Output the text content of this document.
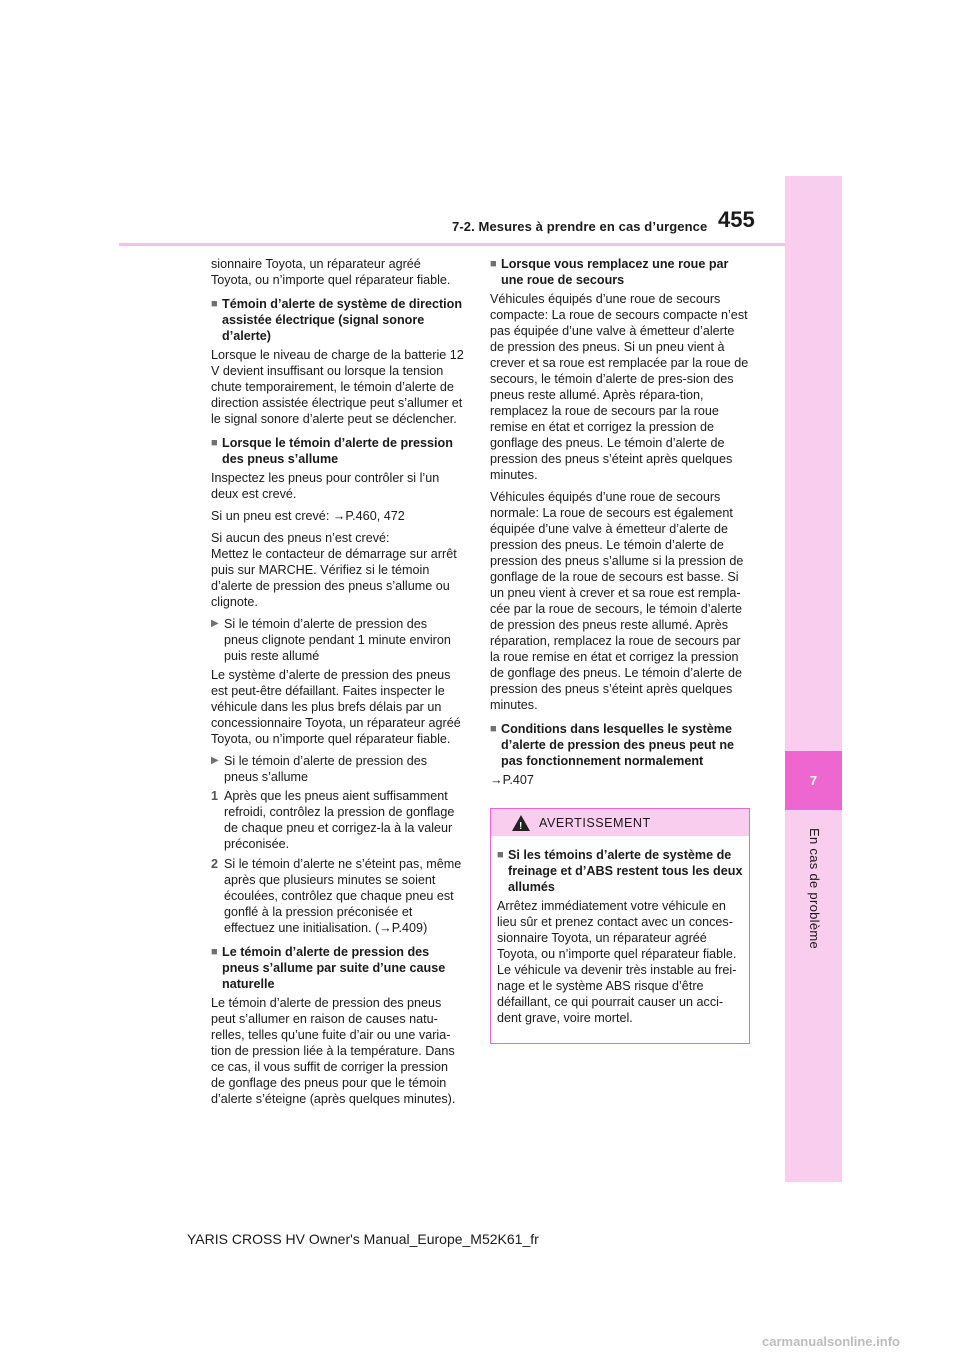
7-2. Mesures à prendre en cas d’urgence 455
7
En cas de problème

sionnaire Toyota, un réparateur agréé Toyota, ou n’importe quel réparateur fiable.

■ Témoin d’alerte de système de direction assistée électrique (signal sonore d’alerte)

Lorsque le niveau de charge de la batterie 12 V devient insuffisant ou lorsque la tension chute temporairement, le témoin d’alerte de direction assistée électrique peut s’allumer et le signal sonore d’alerte peut se déclencher.

■ Lorsque le témoin d’alerte de pression des pneus s’allume

Inspectez les pneus pour contrôler si l’un deux est crevé.

Si un pneu est crevé: →P.460, 472

Si aucun des pneus n’est crevé:

Mettez le contacteur de démarrage sur arrêt puis sur MARCHE. Vérifiez si le témoin d’alerte de pression des pneus s’allume ou clignote.

▶ Si le témoin d’alerte de pression des pneus clignote pendant 1 minute environ puis reste allumé

Le système d’alerte de pression des pneus est peut-être défaillant. Faites inspecter le véhicule dans les plus brefs délais par un concessionnaire Toyota, un réparateur agréé Toyota, ou n’importe quel réparateur fiable.

▶ Si le témoin d’alerte de pression des pneus s’allume
1 Après que les pneus aient suffisamment refroidi, contrôlez la pression de gonflage de chaque pneu et corrigez-la à la valeur préconisée.
2 Si le témoin d’alerte ne s’éteint pas, même après que plusieurs minutes se soient écoulées, contrôlez que chaque pneu est gonflé à la pression préconisée et effectuez une initialisation. (→P.409)
■ Le témoin d’alerte de pression des pneus s’allume par suite d’une cause naturelle

Le témoin d’alerte de pression des pneus peut s’allumer en raison de causes natu-relles, telles qu’une fuite d’air ou une varia-tion de pression liée à la température. Dans ce cas, il vous suffit de corriger la pression de gonflage des pneus pour que le témoin d’alerte s’éteigne (après quelques minutes).

■ Lorsque vous remplacez une roue par une roue de secours

Véhicules équipés d’une roue de secours compacte: La roue de secours compacte n’est pas équipée d’une valve à émetteur d’alerte de pression des pneus. Si un pneu vient à crever et sa roue est remplacée par la roue de secours, le témoin d’alerte de pres-sion des pneus reste allumé. Après répara-tion, remplacez la roue de secours par la roue remise en état et corrigez la pression de gonflage des pneus. Le témoin d’alerte de pression des pneus s’éteint après quelques minutes.

Véhicules équipés d’une roue de secours normale: La roue de secours est également équipée d’une valve à émetteur d’alerte de pression des pneus. Le témoin d’alerte de pression des pneus s’allume si la pression de gonflage de la roue de secours est basse. Si un pneu vient à crever et sa roue est rempla-cée par la roue de secours, le témoin d’alerte de pression des pneus reste allumé. Après réparation, remplacez la roue de secours par la roue remise en état et corrigez la pression de gonflage des pneus. Le témoin d’alerte de pression des pneus s’éteint après quelques minutes.

■ Conditions dans lesquelles le système d’alerte de pression des pneus peut ne pas fonctionnement normalement

→P.407

! AVERTISSEMENT
■ Si les témoins d’alerte de système de freinage et d’ABS restent tous les deux allumés

Arrêtez immédiatement votre véhicule en lieu sûr et prenez contact avec un conces-sionnaire Toyota, un réparateur agréé Toyota, ou n’importe quel réparateur fiable.

Le véhicule va devenir très instable au frei-nage et le système ABS risque d’être défaillant, ce qui pourrait causer un acci-dent grave, voire mortel.

YARIS CROSS HV Owner's Manual_Europe_M52K61_fr
carmanualsonline.info
